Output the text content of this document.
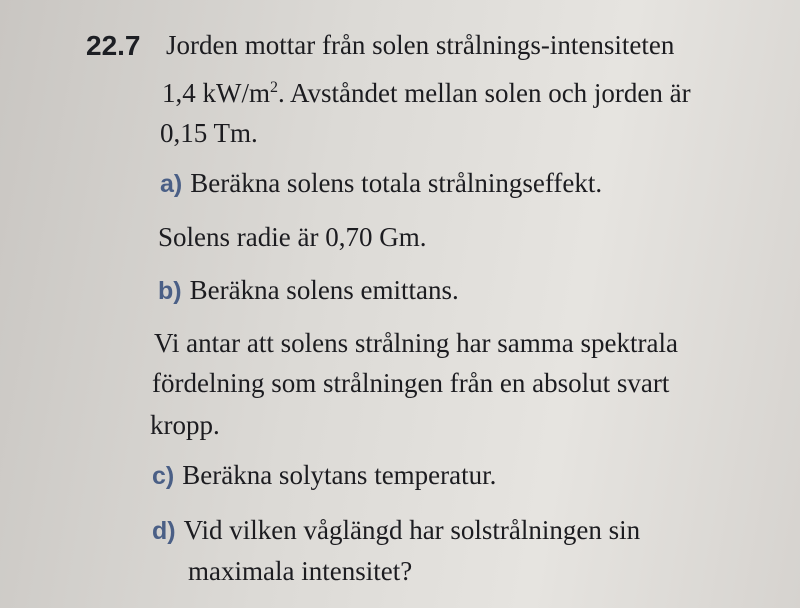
22.7 Jorden mottar från solen strålnings-intensiteten
1,4 $kW/m^2$. Avståndet mellan solen och jorden är
0,15 Tm.
a) Beräkna solens totala strålningseffekt.
Solens radie är 0,70 Gm.
b) Beräkna solens emittans.
Vi antar att solens strålning har samma spektrala
fördelning som strålningen från en absolut svart
kropp.
c) Beräkna solytans temperatur.
d) Vid vilken våglängd har solstrålningen sin
maximala intensitet?
